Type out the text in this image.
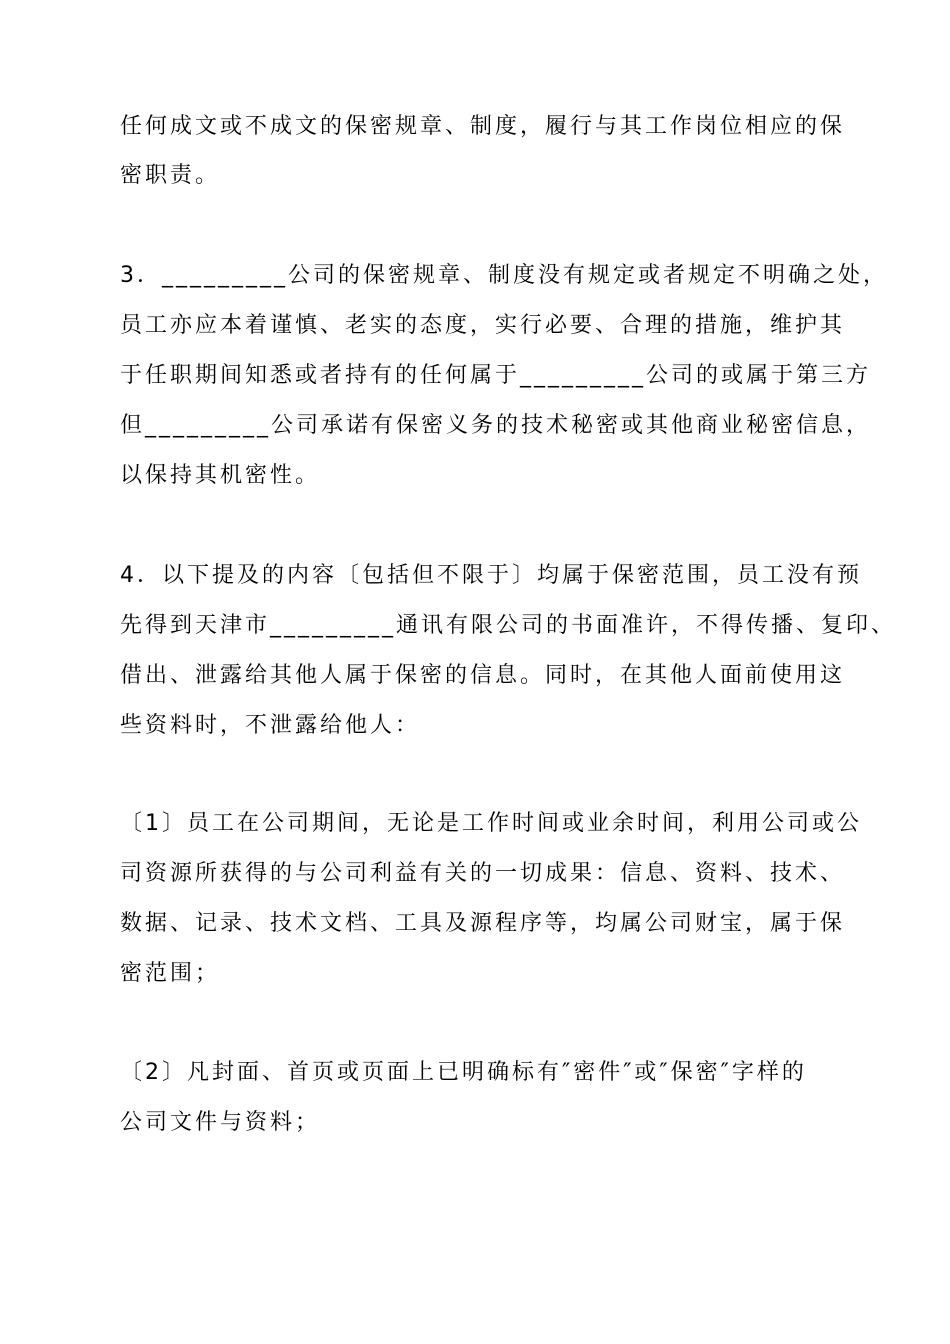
任何成文或不成文的保密规章、制度，履行与其工作岗位相应的保
密职责。
3．_________公司的保密规章、制度没有规定或者规定不明确之处，
员工亦应本着谨慎、老实的态度，实行必要、合理的措施，维护其
于任职期间知悉或者持有的任何属于_________公司的或属于第三方
但_________公司承诺有保密义务的技术秘密或其他商业秘密信息，
以保持其机密性。
4．以下提及的内容〔包括但不限于〕均属于保密范围，员工没有预
先得到天津市_________通讯有限公司的书面准许，不得传播、复印、
借出、泄露给其他人属于保密的信息。同时，在其他人面前使用这
些资料时，不泄露给他人：
〔1〕员工在公司期间，无论是工作时间或业余时间，利用公司或公
司资源所获得的与公司利益有关的一切成果：信息、资料、技术、
数据、记录、技术文档、工具及源程序等，均属公司财宝，属于保
密范围；
〔2〕凡封面、首页或页面上已明确标有″密件″或″保密″字样的
公司文件与资料；
